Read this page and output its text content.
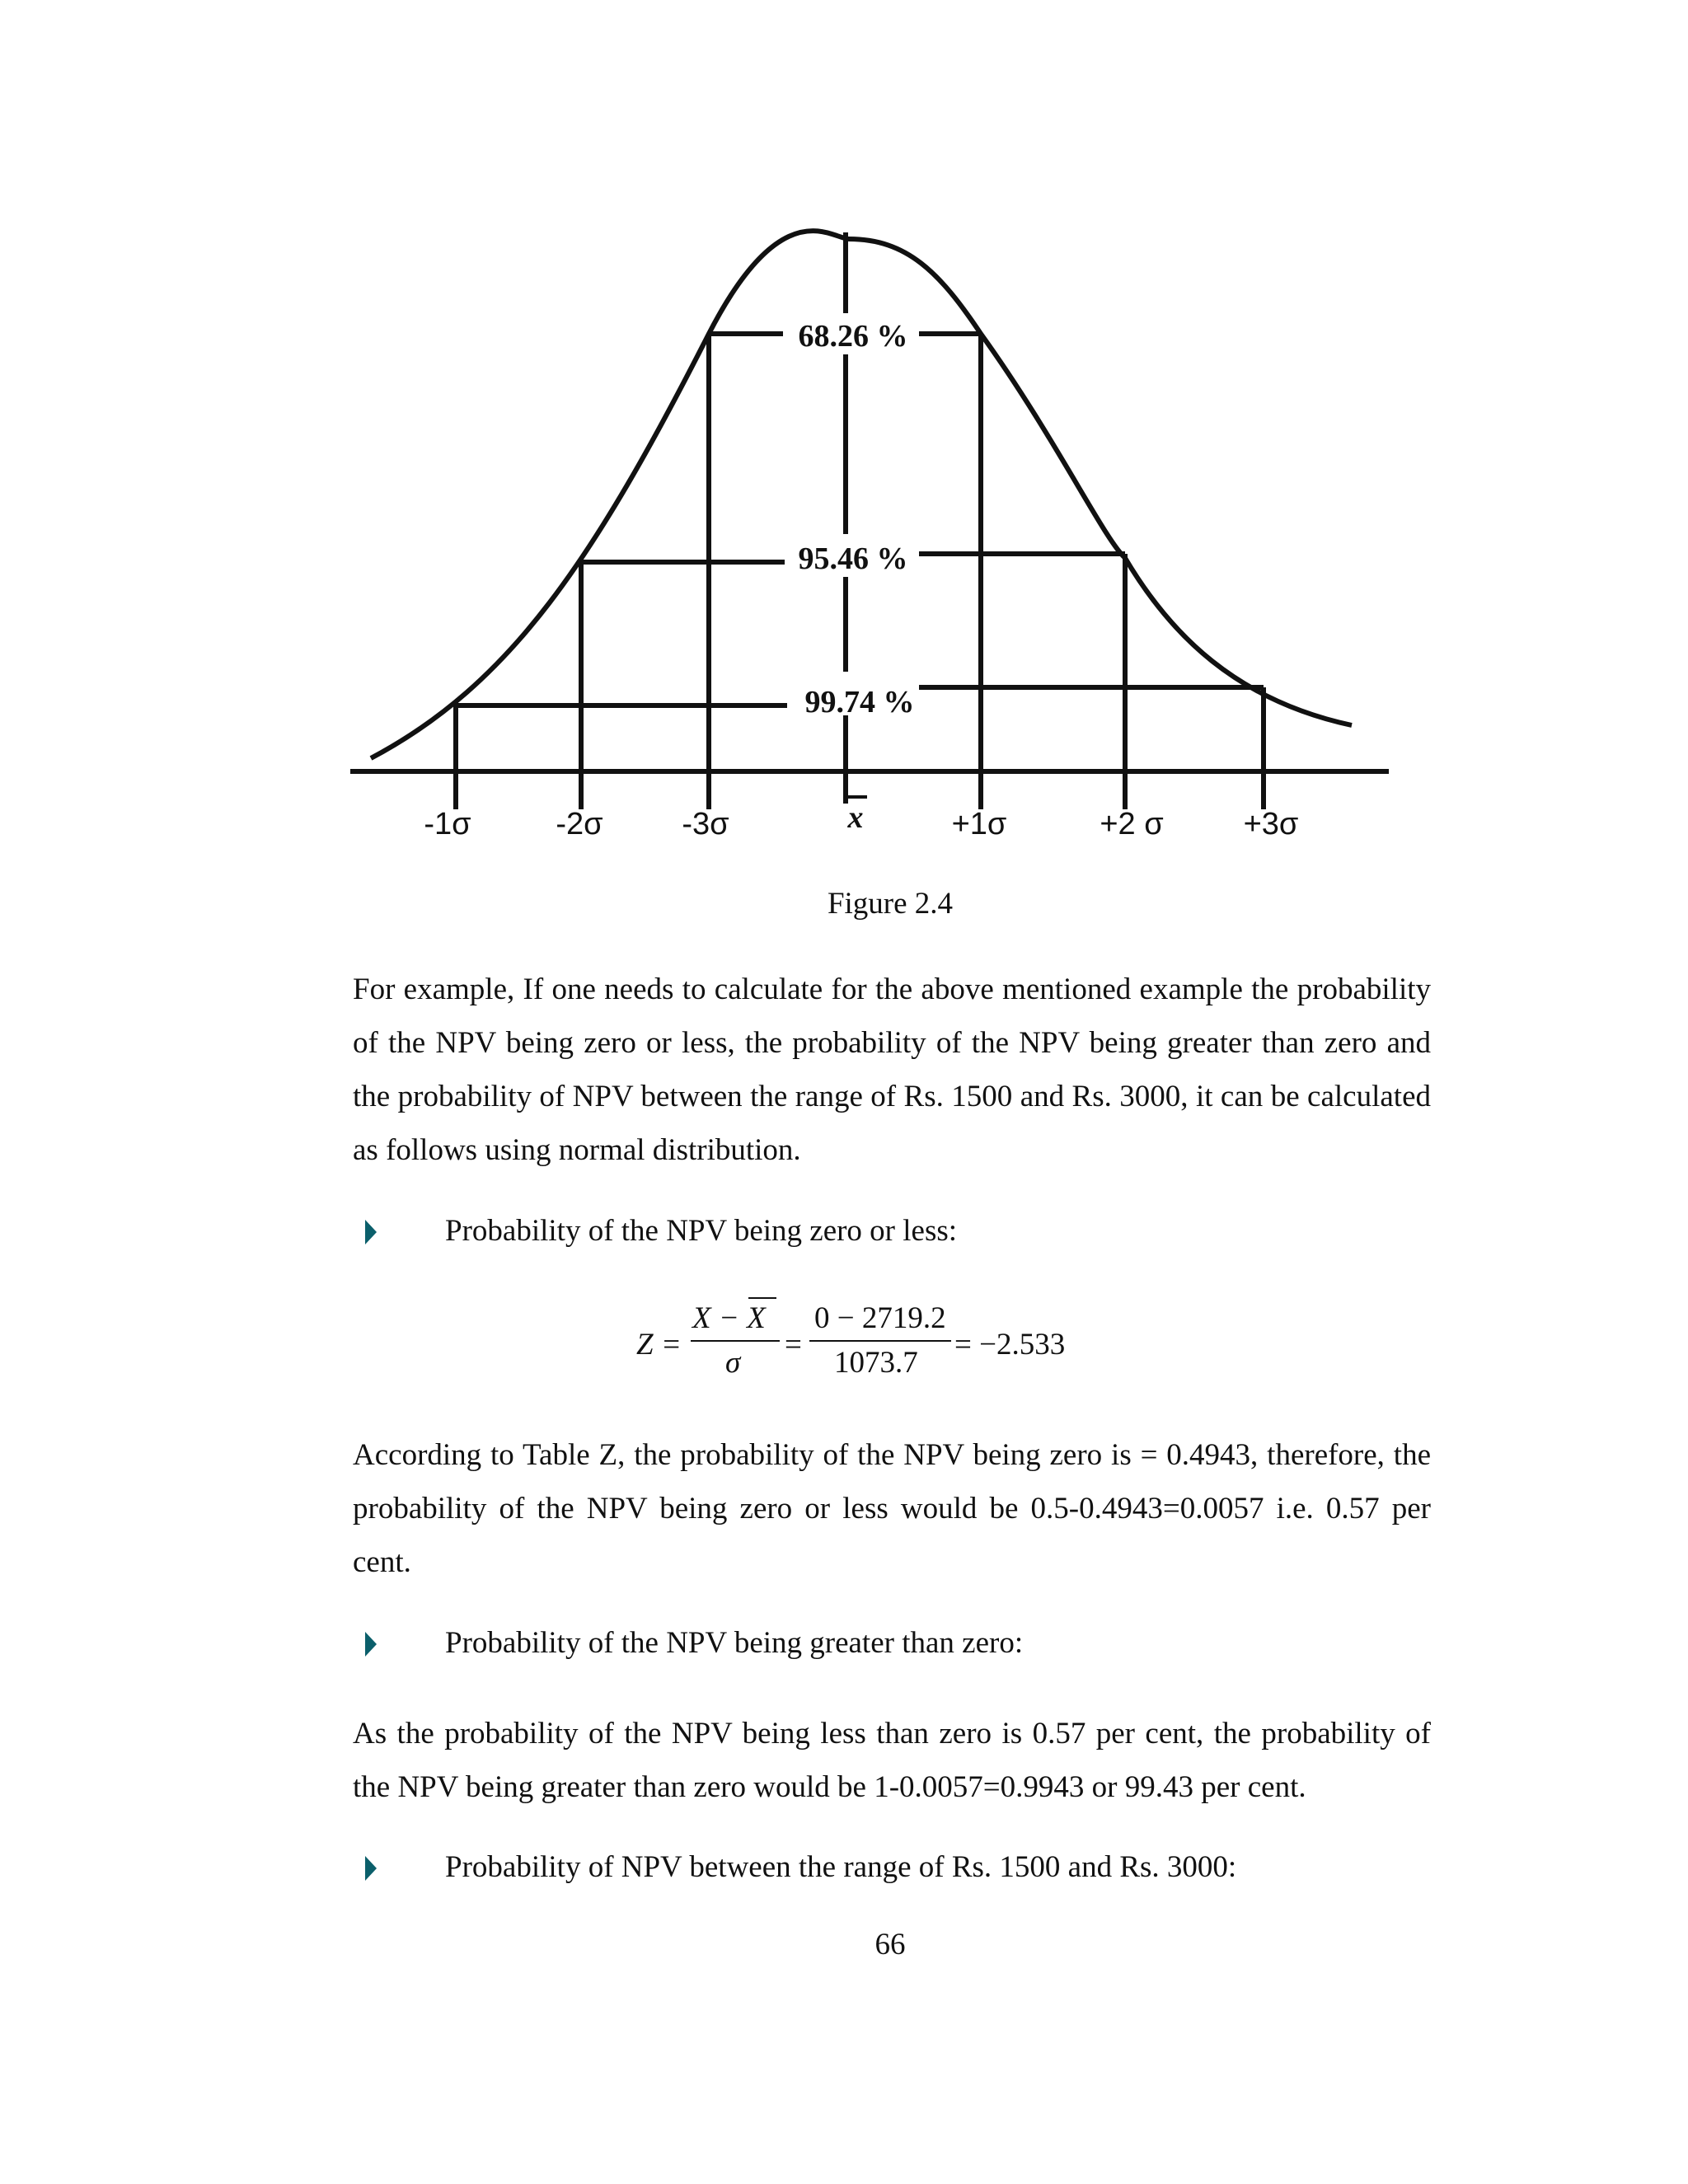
68.26 %
95.46 %
99.74 %
-1σ	-2σ	-3σ	x	+1σ	+2 σ	+3σ
Figure 2.4

For example, If one needs to calculate for the above mentioned example the probability of the NPV being zero or less, the probability of the NPV being greater than zero and the probability of NPV between the range of Rs. 1500 and Rs. 3000, it can be calculated as follows using normal distribution.

Probability of the NPV being zero or less:
Z =
X − X
σ
=
0 − 2719.2
1073.7
= −2.533

According to Table Z, the probability of the NPV being zero is = 0.4943, therefore, the probability of the NPV being zero or less would be 0.5-0.4943=0.0057 i.e. 0.57 per cent.

Probability of the NPV being greater than zero:

As the probability of the NPV being less than zero is 0.57 per cent, the probability of the NPV being greater than zero would be 1-0.0057=0.9943 or 99.43 per cent.

Probability of NPV between the range of Rs. 1500 and Rs. 3000:
66
